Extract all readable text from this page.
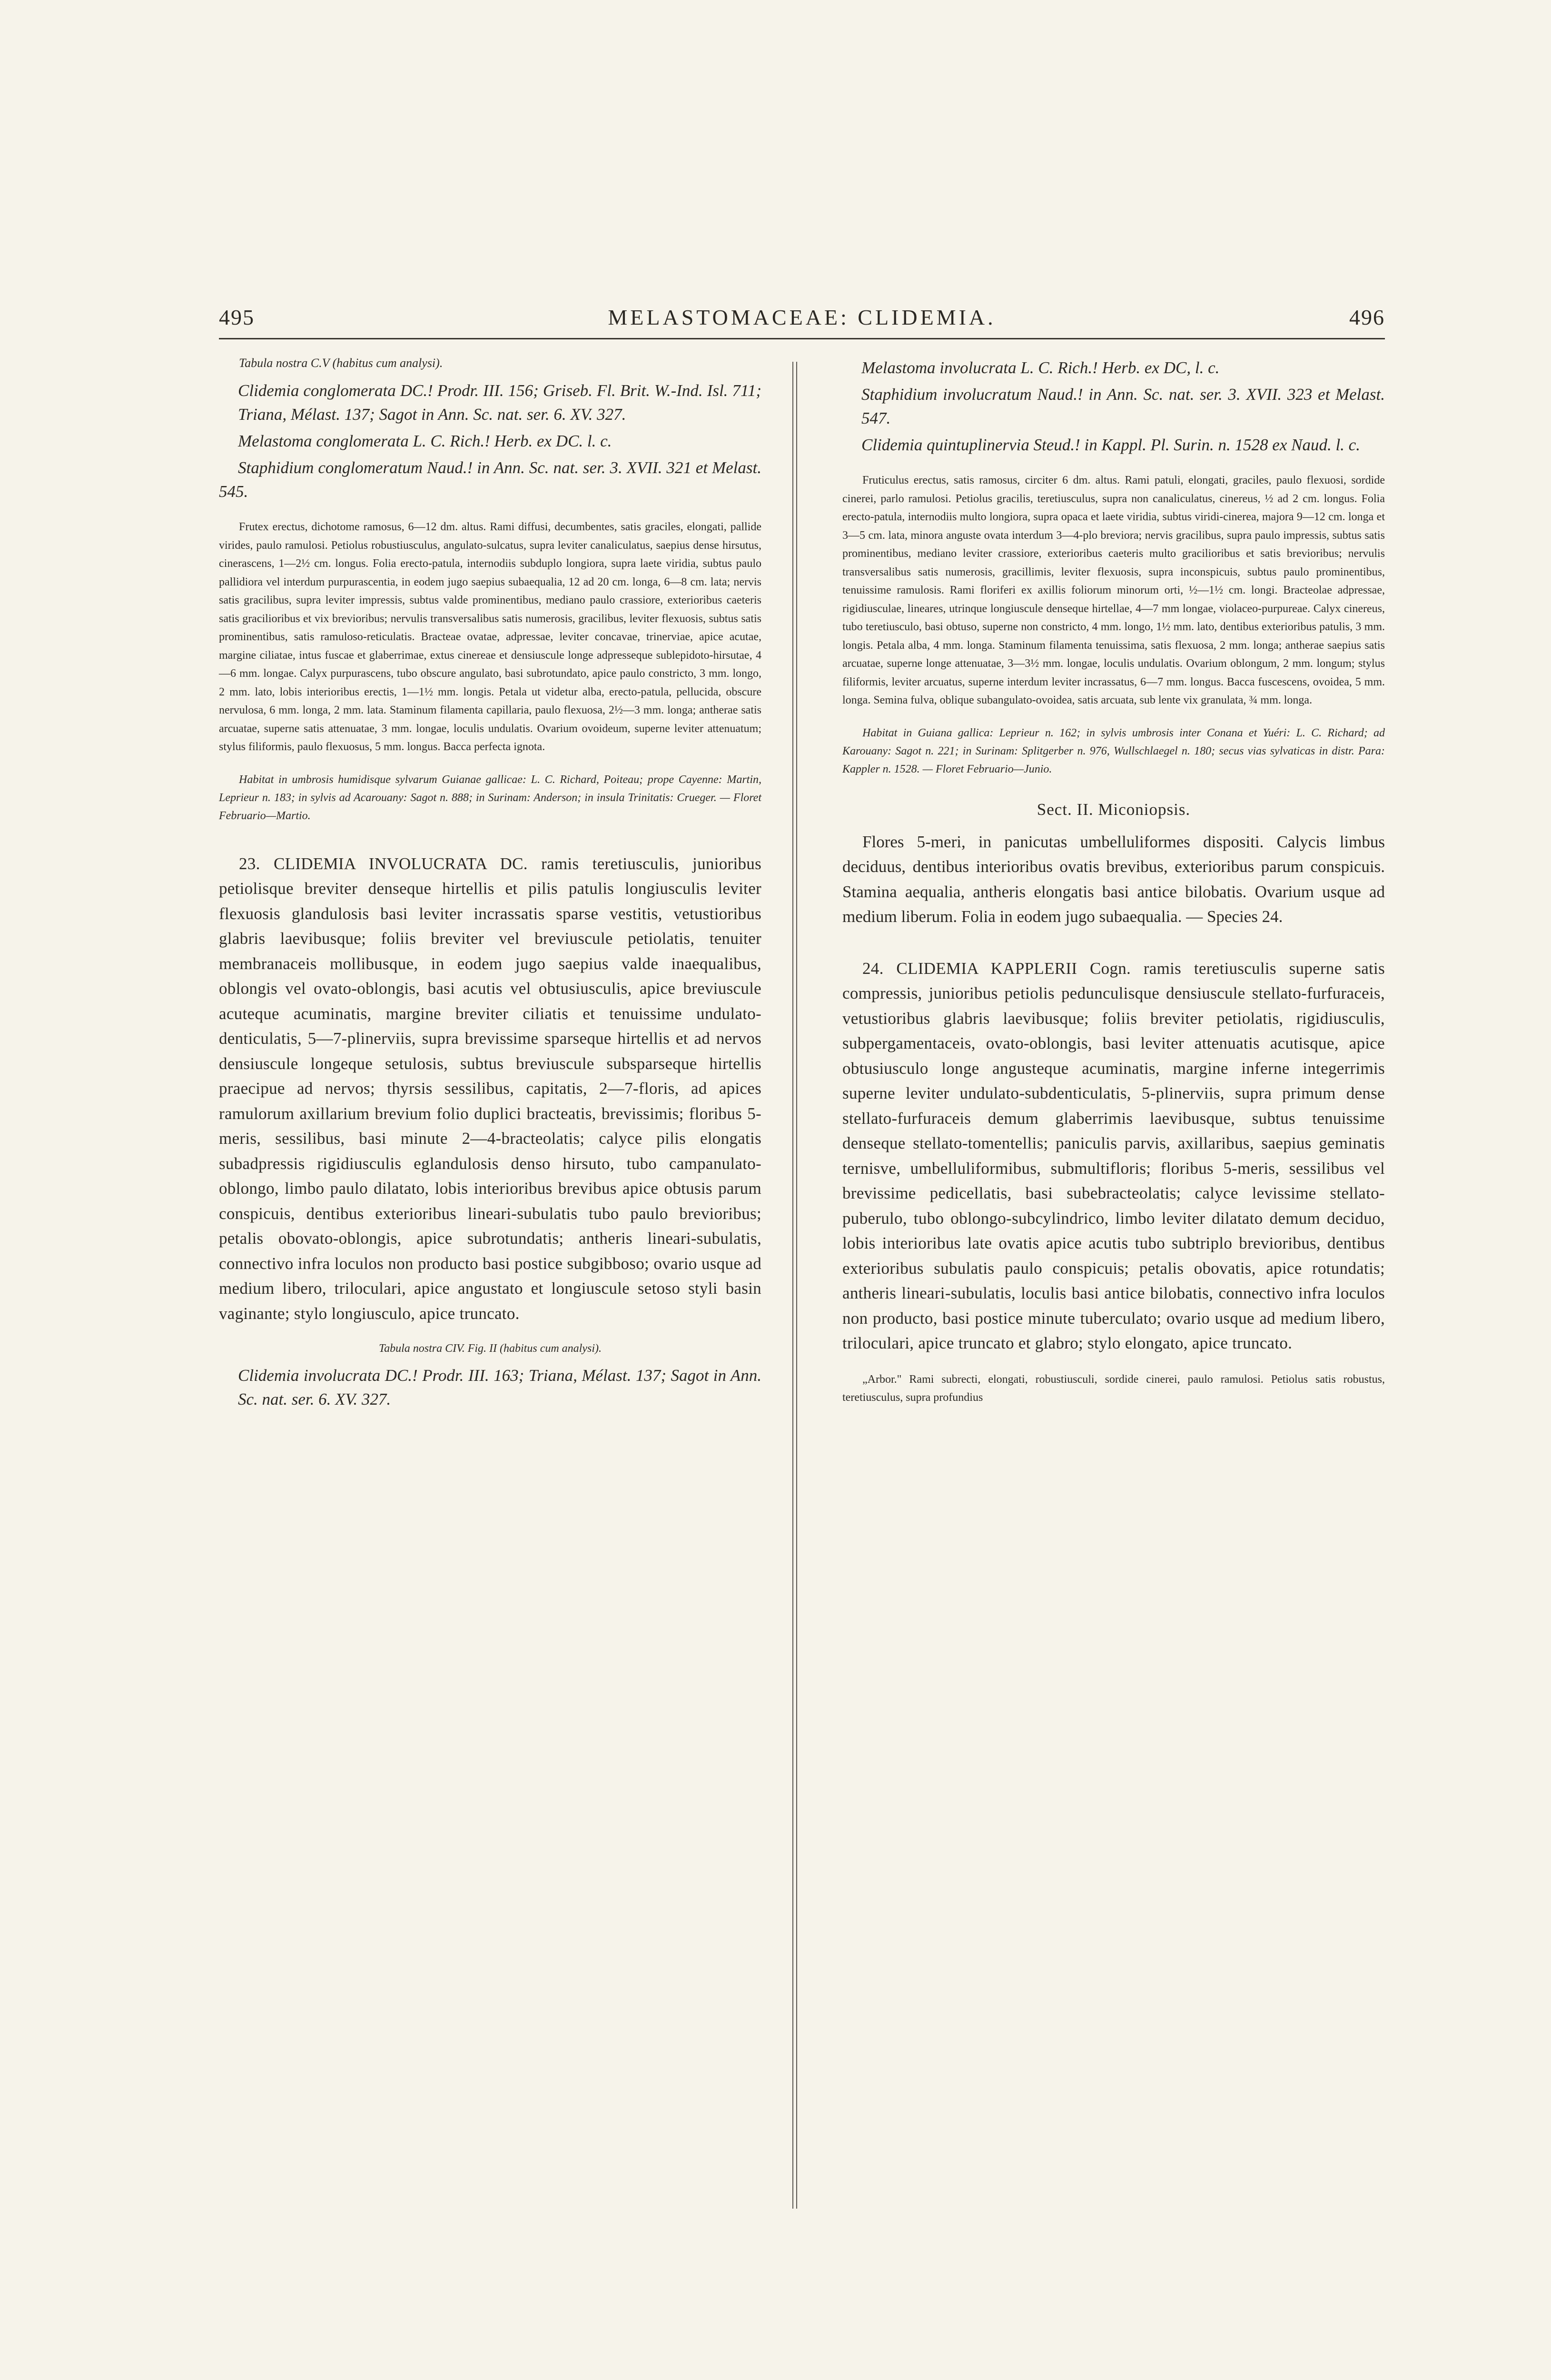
495	MELASTOMACEAE: CLIDEMIA.	496

Tabula nostra C.V (habitus cum analysi).

Clidemia conglomerata DC.! Prodr. III. 156; Griseb. Fl. Brit. W.-Ind. Isl. 711; Triana, Mélast. 137; Sagot in Ann. Sc. nat. ser. 6. XV. 327.

Melastoma conglomerata L. C. Rich.! Herb. ex DC. l. c.

Staphidium conglomeratum Naud.! in Ann. Sc. nat. ser. 3. XVII. 321 et Melast. 545.

Frutex erectus, dichotome ramosus, 6—12 dm. altus. Rami diffusi, decumbentes, satis graciles, elongati, pallide virides, paulo ramulosi. Petiolus robustiusculus, angulato-sulcatus, supra leviter canaliculatus, saepius dense hirsutus, cinerascens, 1—2½ cm. longus. Folia erecto-patula, internodiis subduplo longiora, supra laete viridia, subtus paulo pallidiora vel interdum purpurascentia, in eodem jugo saepius subaequalia, 12 ad 20 cm. longa, 6—8 cm. lata; nervis satis gracilibus, supra leviter impressis, subtus valde prominentibus, mediano paulo crassiore, exterioribus caeteris satis gracilioribus et vix brevioribus; nervulis transversalibus satis numerosis, gracilibus, leviter flexuosis, subtus satis prominentibus, satis ramuloso-reticulatis. Bracteae ovatae, adpressae, leviter concavae, trinerviae, apice acutae, margine ciliatae, intus fuscae et glaberrimae, extus cinereae et densiuscule longe adpresseque sublepidoto-hirsutae, 4—6 mm. longae. Calyx purpurascens, tubo obscure angulato, basi subrotundato, apice paulo constricto, 3 mm. longo, 2 mm. lato, lobis interioribus erectis, 1—1½ mm. longis. Petala ut videtur alba, erecto-patula, pellucida, obscure nervulosa, 6 mm. longa, 2 mm. lata. Staminum filamenta capillaria, paulo flexuosa, 2½—3 mm. longa; antherae satis arcuatae, superne satis attenuatae, 3 mm. longae, loculis undulatis. Ovarium ovoideum, superne leviter attenuatum; stylus filiformis, paulo flexuosus, 5 mm. longus. Bacca perfecta ignota.

Habitat in umbrosis humidisque sylvarum Guianae gallicae: L. C. Richard, Poiteau; prope Cayenne: Martin, Leprieur n. 183; in sylvis ad Acarouany: Sagot n. 888; in Surinam: Anderson; in insula Trinitatis: Crueger. — Floret Februario—Martio.

23. CLIDEMIA INVOLUCRATA DC. ramis teretiusculis, junioribus petiolisque breviter denseque hirtellis et pilis patulis longiusculis leviter flexuosis glandulosis basi leviter incrassatis sparse vestitis, vetustioribus glabris laevibusque; foliis breviter vel breviuscule petiolatis, tenuiter membranaceis mollibusque, in eodem jugo saepius valde inaequalibus, oblongis vel ovato-oblongis, basi acutis vel obtusiusculis, apice breviuscule acuteque acuminatis, margine breviter ciliatis et tenuissime undulato-denticulatis, 5—7-plinerviis, supra brevissime sparseque hirtellis et ad nervos densiuscule longeque setulosis, subtus breviuscule subsparseque hirtellis praecipue ad nervos; thyrsis sessilibus, capitatis, 2—7-floris, ad apices ramulorum axillarium brevium folio duplici bracteatis, brevissimis; floribus 5-meris, sessilibus, basi minute 2—4-bracteolatis; calyce pilis elongatis subadpressis rigidiusculis eglandulosis denso hirsuto, tubo campanulato-oblongo, limbo paulo dilatato, lobis interioribus brevibus apice obtusis parum conspicuis, dentibus exterioribus lineari-subulatis tubo paulo brevioribus; petalis obovato-oblongis, apice subrotundatis; antheris lineari-subulatis, connectivo infra loculos non producto basi postice subgibboso; ovario usque ad medium libero, triloculari, apice angustato et longiuscule setoso styli basin vaginante; stylo longiusculo, apice truncato.

Tabula nostra CIV. Fig. II (habitus cum analysi).

Clidemia involucrata DC.! Prodr. III. 163; Triana, Mélast. 137; Sagot in Ann. Sc. nat. ser. 6. XV. 327.

Melastoma involucrata L. C. Rich.! Herb. ex DC, l. c.

Staphidium involucratum Naud.! in Ann. Sc. nat. ser. 3. XVII. 323 et Melast. 547.

Clidemia quintuplinervia Steud.! in Kappl. Pl. Surin. n. 1528 ex Naud. l. c.

Fruticulus erectus, satis ramosus, circiter 6 dm. altus. Rami patuli, elongati, graciles, paulo flexuosi, sordide cinerei, parlo ramulosi. Petiolus gracilis, teretiusculus, supra non canaliculatus, cinereus, ½ ad 2 cm. longus. Folia erecto-patula, internodiis multo longiora, supra opaca et laete viridia, subtus viridi-cinerea, majora 9—12 cm. longa et 3—5 cm. lata, minora anguste ovata interdum 3—4-plo breviora; nervis gracilibus, supra paulo impressis, subtus satis prominentibus, mediano leviter crassiore, exterioribus caeteris multo gracilioribus et satis brevioribus; nervulis transversalibus satis numerosis, gracillimis, leviter flexuosis, supra inconspicuis, subtus paulo prominentibus, tenuissime ramulosis. Rami floriferi ex axillis foliorum minorum orti, ½—1½ cm. longi. Bracteolae adpressae, rigidiusculae, lineares, utrinque longiuscule denseque hirtellae, 4—7 mm longae, violaceo-purpureae. Calyx cinereus, tubo teretiusculo, basi obtuso, superne non constricto, 4 mm. longo, 1½ mm. lato, dentibus exterioribus patulis, 3 mm. longis. Petala alba, 4 mm. longa. Staminum filamenta tenuissima, satis flexuosa, 2 mm. longa; antherae saepius satis arcuatae, superne longe attenuatae, 3—3½ mm. longae, loculis undulatis. Ovarium oblongum, 2 mm. longum; stylus filiformis, leviter arcuatus, superne interdum leviter incrassatus, 6—7 mm. longus. Bacca fuscescens, ovoidea, 5 mm. longa. Semina fulva, oblique subangulato-ovoidea, satis arcuata, sub lente vix granulata, ¾ mm. longa.

Habitat in Guiana gallica: Leprieur n. 162; in sylvis umbrosis inter Conana et Yuéri: L. C. Richard; ad Karouany: Sagot n. 221; in Surinam: Splitgerber n. 976, Wullschlaegel n. 180; secus vias sylvaticas in distr. Para: Kappler n. 1528. — Floret Februario—Junio.

Sect. II. Miconiopsis.

Flores 5-meri, in panicutas umbelluliformes dispositi. Calycis limbus deciduus, dentibus interioribus ovatis brevibus, exterioribus parum conspicuis. Stamina aequalia, antheris elongatis basi antice bilobatis. Ovarium usque ad medium liberum. Folia in eodem jugo subaequalia. — Species 24.

24. CLIDEMIA KAPPLERII Cogn. ramis teretiusculis superne satis compressis, junioribus petiolis pedunculisque densiuscule stellato-furfuraceis, vetustioribus glabris laevibusque; foliis breviter petiolatis, rigidiusculis, subpergamentaceis, ovato-oblongis, basi leviter attenuatis acutisque, apice obtusiusculo longe angusteque acuminatis, margine inferne integerrimis superne leviter undulato-subdenticulatis, 5-plinerviis, supra primum dense stellato-furfuraceis demum glaberrimis laevibusque, subtus tenuissime denseque stellato-tomentellis; paniculis parvis, axillaribus, saepius geminatis ternisve, umbelluliformibus, submultifloris; floribus 5-meris, sessilibus vel brevissime pedicellatis, basi subebracteolatis; calyce levissime stellato-puberulo, tubo oblongo-subcylindrico, limbo leviter dilatato demum deciduo, lobis interioribus late ovatis apice acutis tubo subtriplo brevioribus, dentibus exterioribus subulatis paulo conspicuis; petalis obovatis, apice rotundatis; antheris lineari-subulatis, loculis basi antice bilobatis, connectivo infra loculos non producto, basi postice minute tuberculato; ovario usque ad medium libero, triloculari, apice truncato et glabro; stylo elongato, apice truncato.

„Arbor." Rami subrecti, elongati, robustiusculi, sordide cinerei, paulo ramulosi. Petiolus satis robustus, teretiusculus, supra profundius
